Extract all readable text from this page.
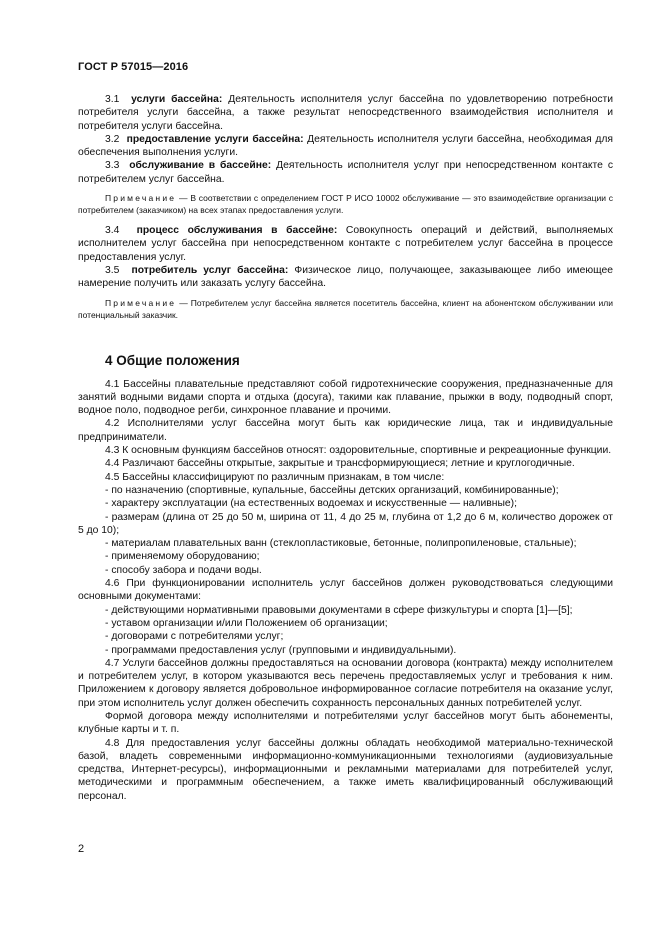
ГОСТ Р 57015—2016

3.1 услуги бассейна: Деятельность исполнителя услуг бассейна по удовлетворению потребности потребителя услуги бассейна, а также результат непосредственного взаимодействия исполнителя и потребителя услуги бассейна.

3.2 предоставление услуги бассейна: Деятельность исполнителя услуги бассейна, необходимая для обеспечения выполнения услуги.

3.3 обслуживание в бассейне: Деятельность исполнителя услуг при непосредственном контакте с потребителем услуг бассейна.

Примечание — В соответствии с определением ГОСТ Р ИСО 10002 обслуживание — это взаимодействие организации с потребителем (заказчиком) на всех этапах предоставления услуги.

3.4 процесс обслуживания в бассейне: Совокупность операций и действий, выполняемых исполнителем услуг бассейна при непосредственном контакте с потребителем услуг бассейна в процессе предоставления услуг.

3.5 потребитель услуг бассейна: Физическое лицо, получающее, заказывающее либо имеющее намерение получить или заказать услугу бассейна.

Примечание — Потребителем услуг бассейна является посетитель бассейна, клиент на абонентском обслуживании или потенциальный заказчик.

4 Общие положения

4.1 Бассейны плавательные представляют собой гидротехнические сооружения, предназначенные для занятий водными видами спорта и отдыха (досуга), такими как плавание, прыжки в воду, подводный спорт, водное поло, подводное регби, синхронное плавание и прочими.

4.2 Исполнителями услуг бассейна могут быть как юридические лица, так и индивидуальные предприниматели.

4.3 К основным функциям бассейнов относят: оздоровительные, спортивные и рекреационные функции.

4.4 Различают бассейны открытые, закрытые и трансформирующиеся; летние и круглогодичные.

4.5 Бассейны классифицируют по различным признакам, в том числе:

- по назначению (спортивные, купальные, бассейны детских организаций, комбинированные);

- характеру эксплуатации (на естественных водоемах и искусственные — наливные);

- размерам (длина от 25 до 50 м, ширина от 11, 4 до 25 м, глубина от 1,2 до 6 м, количество дорожек от 5 до 10);

- материалам плавательных ванн (стеклопластиковые, бетонные, полипропиленовые, стальные);

- применяемому оборудованию;

- способу забора и подачи воды.

4.6 При функционировании исполнитель услуг бассейнов должен руководствоваться следующими основными документами:

- действующими нормативными правовыми документами в сфере физкультуры и спорта [1]—[5];

- уставом организации и/или Положением об организации;

- договорами с потребителями услуг;

- программами предоставления услуг (групповыми и индивидуальными).

4.7 Услуги бассейнов должны предоставляться на основании договора (контракта) между исполнителем и потребителем услуг, в котором указываются весь перечень предоставляемых услуг и требования к ним. Приложением к договору является добровольное информированное согласие потребителя на оказание услуг, при этом исполнитель услуг должен обеспечить сохранность персональных данных потребителей услуг.

Формой договора между исполнителями и потребителями услуг бассейнов могут быть абонементы, клубные карты и т. п.

4.8 Для предоставления услуг бассейны должны обладать необходимой материально-технической базой, владеть современными информационно-коммуникационными технологиями (аудиовизуальные средства, Интернет-ресурсы), информационными и рекламными материалами для потребителей услуг, методическими и программным обеспечением, а также иметь квалифицированный обслуживающий персонал.

2
